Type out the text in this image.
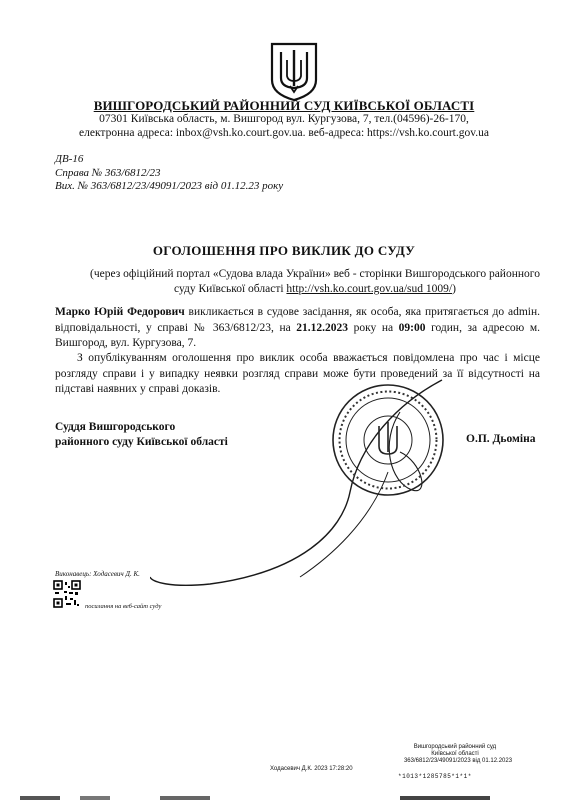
ВИШГОРОДСЬКИЙ РАЙОННИЙ СУД КИЇВСЬКОЇ ОБЛАСТІ
07301 Київська область, м. Вишгород вул. Кургузова, 7, тел.(04596)-26-170,
електронна адреса: inbox@vsh.ko.court.gov.ua. веб-адреса: https://vsh.ko.court.gov.ua
ДВ-16
Справа № 363/6812/23
Вих. № 363/6812/23/49091/2023 від 01.12.23 року
ОГОЛОШЕННЯ ПРО ВИКЛИК ДО СУДУ
(через офіційний портал «Судова влада України» веб - сторінки Вишгородського районного
суду Київської області http://vsh.ko.court.gov.ua/sud 1009/)
Марко Юрій Федорович викликається в судове засідання, як особа, яка притягається до admiн. відповідальності, у справі № 363/6812/23, на 21.12.2023 року на 09:00 годин, за адресою м. Вишгород, вул. Кургузова, 7.
З опублікуванням оголошення про виклик особа вважається повідомлена про час і місце розгляду справи і у випадку неявки розгляд справи може бути проведений за її відсутності на підставі наявних у справі доказів.
Суддя Вишгородського
районного суду Київської області	О.П. Дьоміна
Виконавець: Ходасевич Д. К.
посилання на веб-сайт суду
Вишгородський районний суд
Київської області
363/6812/23/49091/2023 від 01.12.2023
Ходасевич Д.К. 2023 17:28:20
*1013*1285785*1*1*
